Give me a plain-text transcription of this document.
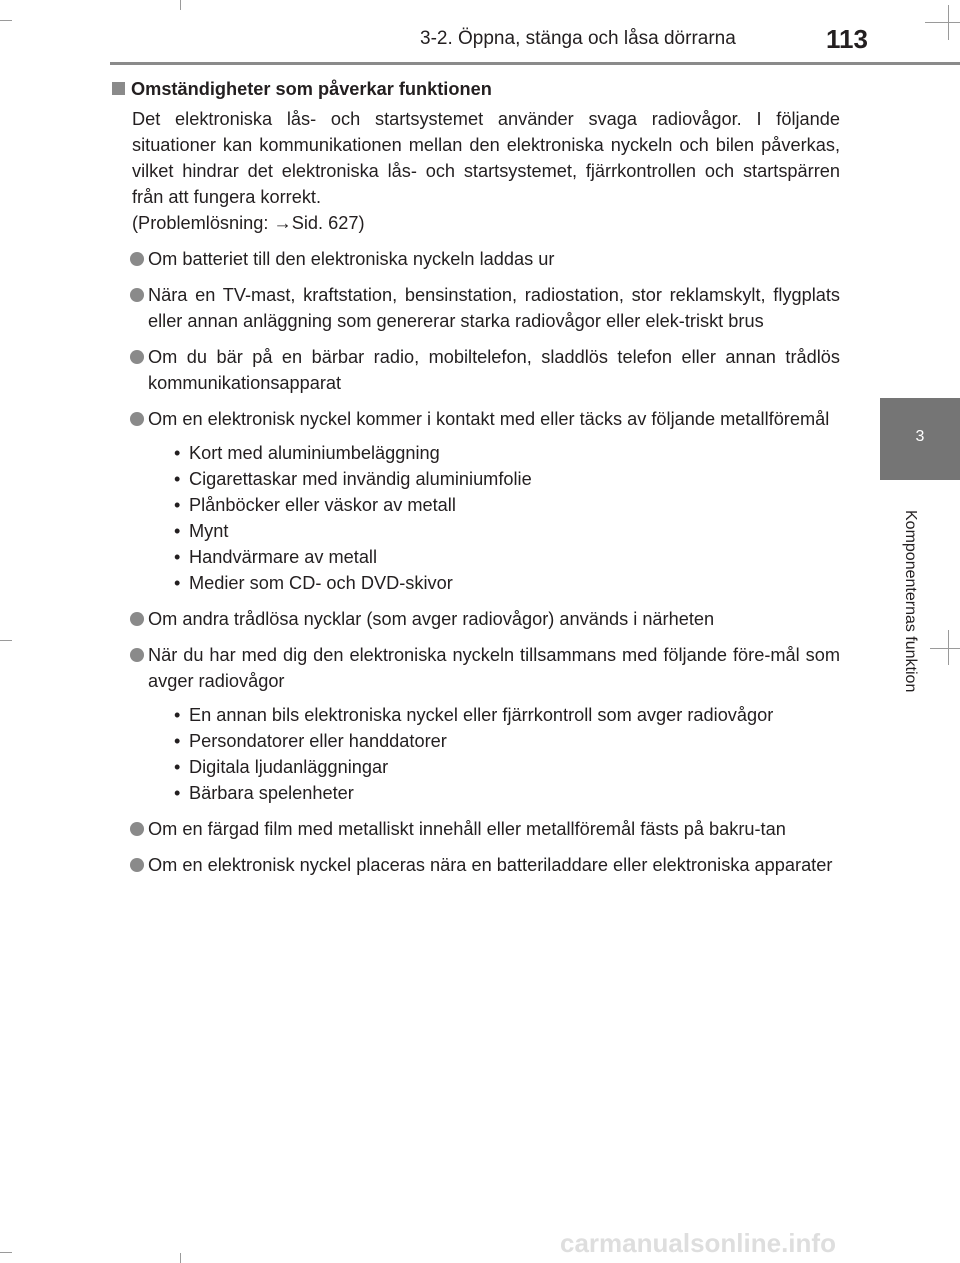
3-2. Öppna, stänga och låsa dörrarna	113
3
Komponenternas funktion
Omständigheter som påverkar funktionen
Det elektroniska lås- och startsystemet använder svaga radiovågor. I följande situationer kan kommunikationen mellan den elektroniska nyckeln och bilen påverkas, vilket hindrar det elektroniska lås- och startsystemet, fjärrkontrollen och startspärren från att fungera korrekt.
(Problemlösning: →Sid. 627)
Om batteriet till den elektroniska nyckeln laddas ur
Nära en TV-mast, kraftstation, bensinstation, radiostation, stor reklamskylt, flygplats eller annan anläggning som genererar starka radiovågor eller elek-triskt brus
Om du bär på en bärbar radio, mobiltelefon, sladdlös telefon eller annan trådlös kommunikationsapparat
Om en elektronisk nyckel kommer i kontakt med eller täcks av följande metallföremål
• Kort med aluminiumbeläggning
• Cigarettaskar med invändig aluminiumfolie
• Plånböcker eller väskor av metall
• Mynt
• Handvärmare av metall
• Medier som CD- och DVD-skivor
Om andra trådlösa nycklar (som avger radiovågor) används i närheten
När du har med dig den elektroniska nyckeln tillsammans med följande före-mål som avger radiovågor
• En annan bils elektroniska nyckel eller fjärrkontroll som avger radiovågor
• Persondatorer eller handdatorer
• Digitala ljudanläggningar
• Bärbara spelenheter
Om en färgad film med metalliskt innehåll eller metallföremål fästs på bakru-tan
Om en elektronisk nyckel placeras nära en batteriladdare eller elektroniska apparater
carmanualsonline.info
